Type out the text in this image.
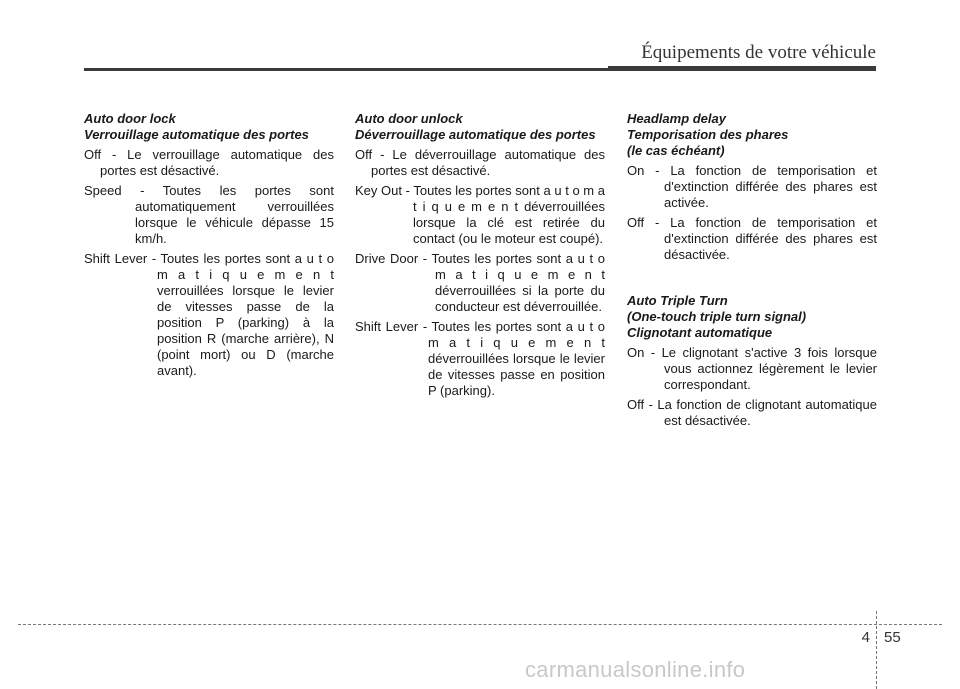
Équipements de votre véhicule

Auto door lock

Verrouillage automatique des portes

Off - Le verrouillage automatique des portes est désactivé.
Speed - Toutes les portes sont automatiquement verrouillées lorsque le véhicule dépasse 15 km/h.
Shift Lever - Toutes les portes sont a u t o m a t i q u e m e n t verrouillées lorsque le levier de vitesses passe de la position P (parking) à la position R (marche arrière), N (point mort) ou D (marche avant).

Auto door unlock

Déverrouillage automatique des portes

Off - Le déverrouillage automatique des portes est désactivé.
Key Out - Toutes les portes sont a u t o m a t i q u e m e n t déverrouillées lorsque la clé est retirée du contact (ou le moteur est coupé).
Drive Door - Toutes les portes sont a u t o m a t i q u e m e n t déverrouillées si la porte du conducteur est déverrouillée.
Shift Lever - Toutes les portes sont a u t o m a t i q u e m e n t déverrouillées lorsque le levier de vitesses passe en position P (parking).

Headlamp delay

Temporisation des phares

(le cas échéant)

On - La fonction de temporisation et d'extinction différée des phares est activée.
Off - La fonction de temporisation et d'extinction différée des phares est désactivée.

Auto Triple Turn

(One-touch triple turn signal)

Clignotant automatique

On - Le clignotant s'active 3 fois lorsque vous actionnez légèrement le levier correspondant.
Off - La fonction de clignotant automatique est désactivée.
4 55
carmanualsonline.info
